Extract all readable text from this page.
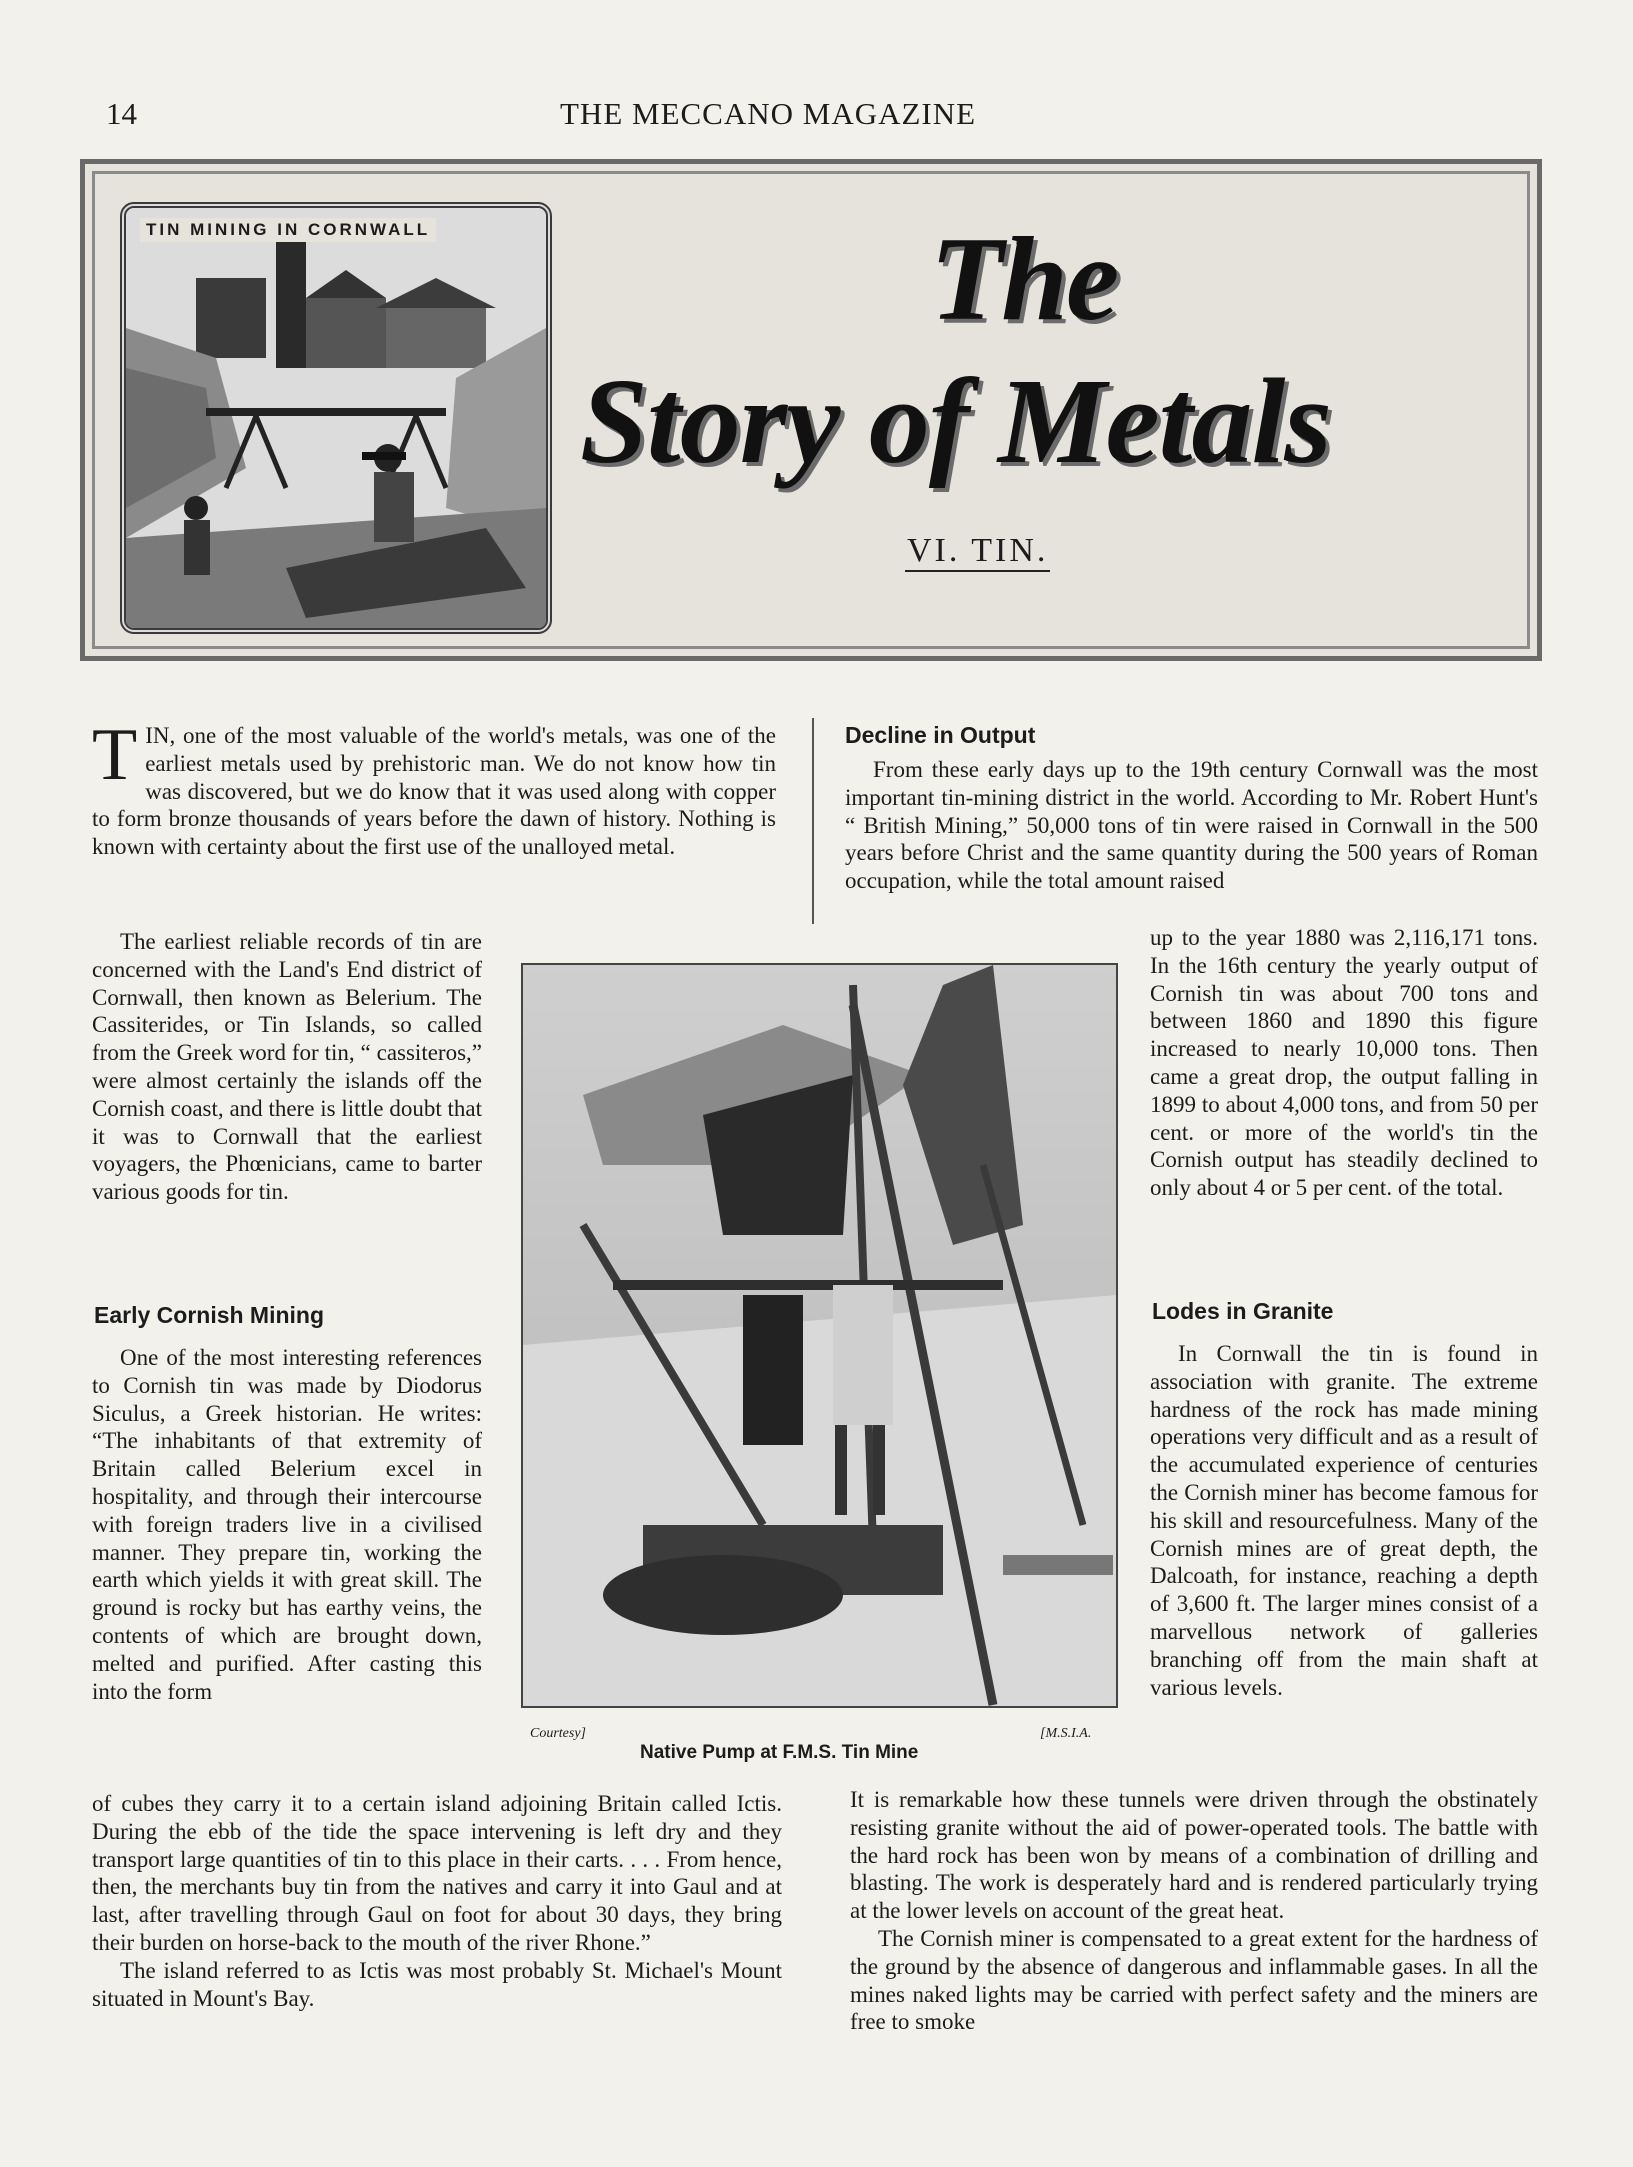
14	THE MECCANO MAGAZINE
TIN MINING IN CORNWALL	The
Story of Metals
VI. TIN.
T IN, one of the most valuable of the world's metals, was one of the earliest metals used by prehistoric man. We do not know how tin was discovered, but we do know that it was used along with copper to form bronze thousands of years before the dawn of history. Nothing is known with certainty about the first use of the unalloyed metal.

The earliest reliable records of tin are concerned with the Land's End district of Cornwall, then known as Belerium. The Cassiterides, or Tin Islands, so called from the Greek word for tin, “ cassiteros,” were almost certainly the islands off the Cornish coast, and there is little doubt that it was to Cornwall that the earliest voyagers, the Phœnicians, came to barter various goods for tin.

Early Cornish Mining

One of the most interesting references to Cornish tin was made by Diodorus Siculus, a Greek historian. He writes: “The inhabitants of that extremity of Britain called Belerium excel in hospitality, and through their intercourse with foreign traders live in a civilised manner. They prepare tin, working the earth which yields it with great skill. The ground is rocky but has earthy veins, the contents of which are brought down, melted and purified. After casting this into the form

of cubes they carry it to a certain island adjoining Britain called Ictis. During the ebb of the tide the space intervening is left dry and they transport large quantities of tin to this place in their carts. . . . From hence, then, the merchants buy tin from the natives and carry it into Gaul and at last, after travelling through Gaul on foot for about 30 days, they bring their burden on horse-back to the mouth of the river Rhone.”

The island referred to as Ictis was most probably St. Michael's Mount situated in Mount's Bay.

Decline in Output

From these early days up to the 19th century Cornwall was the most important tin-mining district in the world. According to Mr. Robert Hunt's “ British Mining,” 50,000 tons of tin were raised in Cornwall in the 500 years before Christ and the same quantity during the 500 years of Roman occupation, while the total amount raised

up to the year 1880 was 2,116,171 tons. In the 16th century the yearly output of Cornish tin was about 700 tons and between 1860 and 1890 this figure increased to nearly 10,000 tons. Then came a great drop, the output falling in 1899 to about 4,000 tons, and from 50 per cent. or more of the world's tin the Cornish output has steadily declined to only about 4 or 5 per cent. of the total.

Lodes in Granite

In Cornwall the tin is found in association with granite. The extreme hardness of the rock has made mining operations very difficult and as a result of the accumulated experience of centuries the Cornish miner has become famous for his skill and resourcefulness. Many of the Cornish mines are of great depth, the Dalcoath, for instance, reaching a depth of 3,600 ft. The larger mines consist of a marvellous network of galleries branching off from the main shaft at various levels.

It is remarkable how these tunnels were driven through the obstinately resisting granite without the aid of power-operated tools. The battle with the hard rock has been won by means of a combination of drilling and blasting. The work is desperately hard and is rendered particularly trying at the lower levels on account of the great heat.

The Cornish miner is compensated to a great extent for the hardness of the ground by the absence of dangerous and inflammable gases. In all the mines naked lights may be carried with perfect safety and the miners are free to smoke

Courtesy]
Native Pump at F.M.S. Tin Mine
[M.S.I.A.
